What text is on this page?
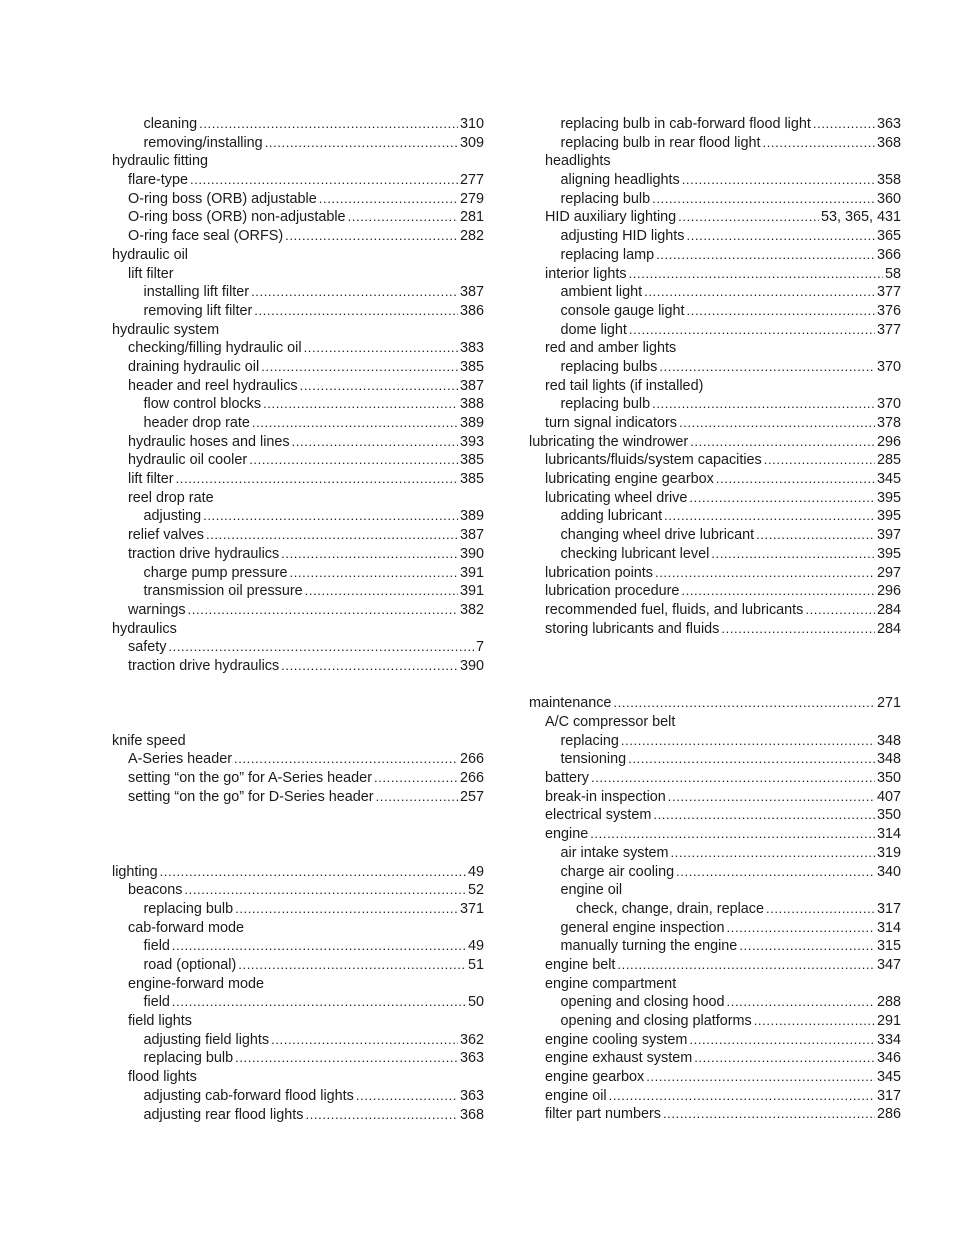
cleaning .....	310
removing/installing .....	309
hydraulic fitting
flare-type .....	277
O-ring boss (ORB) adjustable .....	279
O-ring boss (ORB) non-adjustable .....	281
O-ring face seal (ORFS) .....	282
hydraulic oil
lift filter
installing lift filter .....	387
removing lift filter .....	386
hydraulic system
checking/filling hydraulic oil .....	383
draining hydraulic oil .....	385
header and reel hydraulics .....	387
flow control blocks .....	388
header drop rate .....	389
hydraulic hoses and lines .....	393
hydraulic oil cooler .....	385
lift filter .....	385
reel drop rate
adjusting .....	389
relief valves .....	387
traction drive hydraulics .....	390
charge pump pressure .....	391
transmission oil pressure .....	391
warnings .....	382
hydraulics
safety .....	7
traction drive hydraulics .....	390
knife speed
A-Series header .....	266
setting “on the go” for A-Series header .....	266
setting “on the go” for D-Series header .....	257
lighting .....	49
beacons .....	52
replacing bulb .....	371
cab-forward mode
field .....	49
road (optional) .....	51
engine-forward mode
field .....	50
field lights
adjusting field lights .....	362
replacing bulb .....	363
flood lights
adjusting cab-forward flood lights .....	363
adjusting rear flood lights .....	368
replacing bulb in cab-forward flood light .....	363
replacing bulb in rear flood light .....	368
headlights
aligning headlights .....	358
replacing bulb .....	360
HID auxiliary lighting .....	53, 365, 431
adjusting HID lights .....	365
replacing lamp .....	366
interior lights .....	58
ambient light .....	377
console gauge light .....	376
dome light .....	377
red and amber lights
replacing bulbs .....	370
red tail lights (if installed)
replacing bulb .....	370
turn signal indicators .....	378
lubricating the windrower .....	296
lubricants/fluids/system capacities .....	285
lubricating engine gearbox .....	345
lubricating wheel drive .....	395
adding lubricant .....	395
changing wheel drive lubricant .....	397
checking lubricant level .....	395
lubrication points .....	297
lubrication procedure .....	296
recommended fuel, fluids, and lubricants .....	284
storing lubricants and fluids .....	284
maintenance .....	271
A/C compressor belt
replacing .....	348
tensioning .....	348
battery .....	350
break-in inspection .....	407
electrical system .....	350
engine .....	314
air intake system .....	319
charge air cooling .....	340
engine oil
check, change, drain, replace .....	317
general engine inspection .....	314
manually turning the engine .....	315
engine belt .....	347
engine compartment
opening and closing hood .....	288
opening and closing platforms .....	291
engine cooling system .....	334
engine exhaust system .....	346
engine gearbox .....	345
engine oil .....	317
filter part numbers .....	286
